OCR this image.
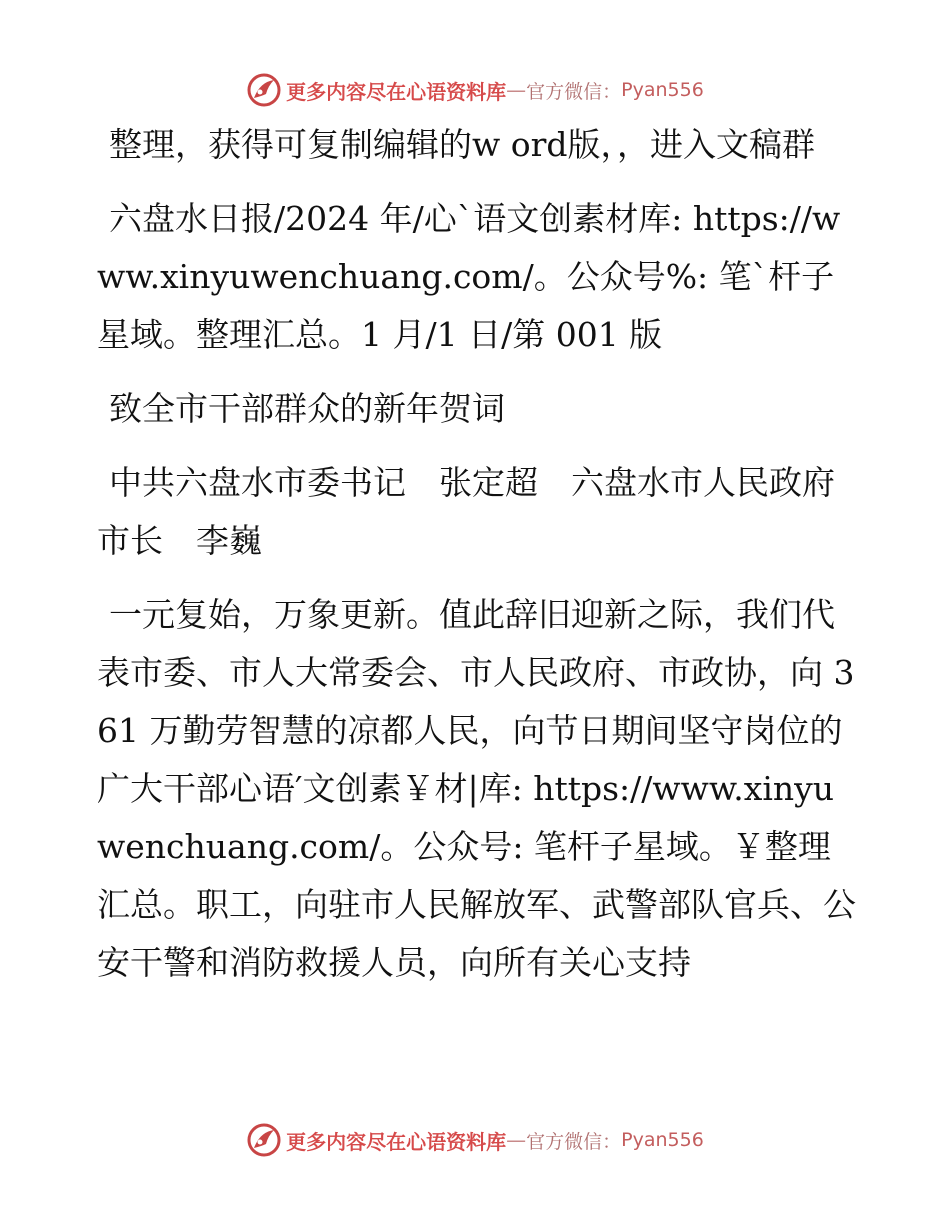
更多内容尽在心语资料库 — 官方微信： Pyan556

整理，获得可复制编辑的w ord版，，进入文稿群

六盘水日报/2024 年/心`语文创素材库: https://www.xinyuwenchuang.com/。公众号%: 笔`杆子星域。整理汇总。1 月/1 日/第 001 版

致全市干部群众的新年贺词

中共六盘水市委书记　张定超　六盘水市人民政府市长　李巍

一元复始，万象更新。值此辞旧迎新之际，我们代表市委、市人大常委会、市人民政府、市政协，向 361 万勤劳智慧的凉都人民，向节日期间坚守岗位的广大干部心语′文创素￥材|库: https://www.xinyuwenchuang.com/。公众号: 笔杆子星域。￥整理汇总。职工，向驻市人民解放军、武警部队官兵、公安干警和消防救援人员，向所有关心支持

更多内容尽在心语资料库 — 官方微信： Pyan556
